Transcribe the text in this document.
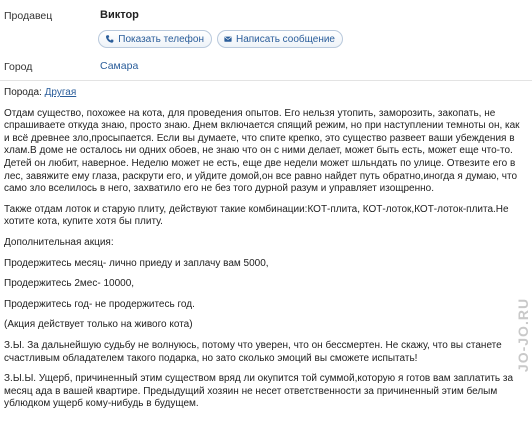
Продавец	Виктор
Показать телефон	Написать сообщение
Город	Самара

Порода: Другая

Отдам существо, похожее на кота, для проведения опытов. Его нельзя утопить, заморозить, закопать, не спрашиваете откуда знаю, просто знаю. Днем включается спящий режим, но при наступлении темноты он, как и всё древнее зло,просыпается. Если вы думаете, что спите крепко, это существо развеет ваши убеждения в хлам.В доме не осталось ни одних обоев, не знаю что он с ними делает, может быть есть, может еще что-то. Детей он любит, наверное. Неделю может не есть, еще две недели может шльндать по улице. Отвезите его в лес, завяжите ему глаза, раскрути его, и уйдите домой,он все равно найдет путь обратно,иногда я думаю, что само зло вселилось в него, захватило его не без того дурной разум и управляет изощренно.

Также отдам лоток и старую плиту, действуют такие комбинации:КОТ-плита, КОТ-лоток,КОТ-лоток-плита.Не хотите кота, купите хотя бы плиту.

Дополнительная акция:

Продержитесь месяц- лично приеду и заплачу вам 5000,

Продержитесь 2мес- 10000,

Продержитесь год- не продержитесь год.

(Акция действует только на живого кота)

З.Ы. За дальнейшую судьбу не волнуюсь, потому что уверен, что он бессмертен. Не скажу, что вы станете счастливым обладателем такого подарка, но зато сколько эмоций вы сможете испытать!

З.Ы.Ы. Ущерб, причиненный этим существом вряд ли окупится той суммой,которую я готов вам заплатить за месяц ада в вашей квартире. Предыдущий хозяин не несет ответственности за причиненный этим белым ублюдком ущерб кому-нибудь в будущем.

JO-JO.RU
